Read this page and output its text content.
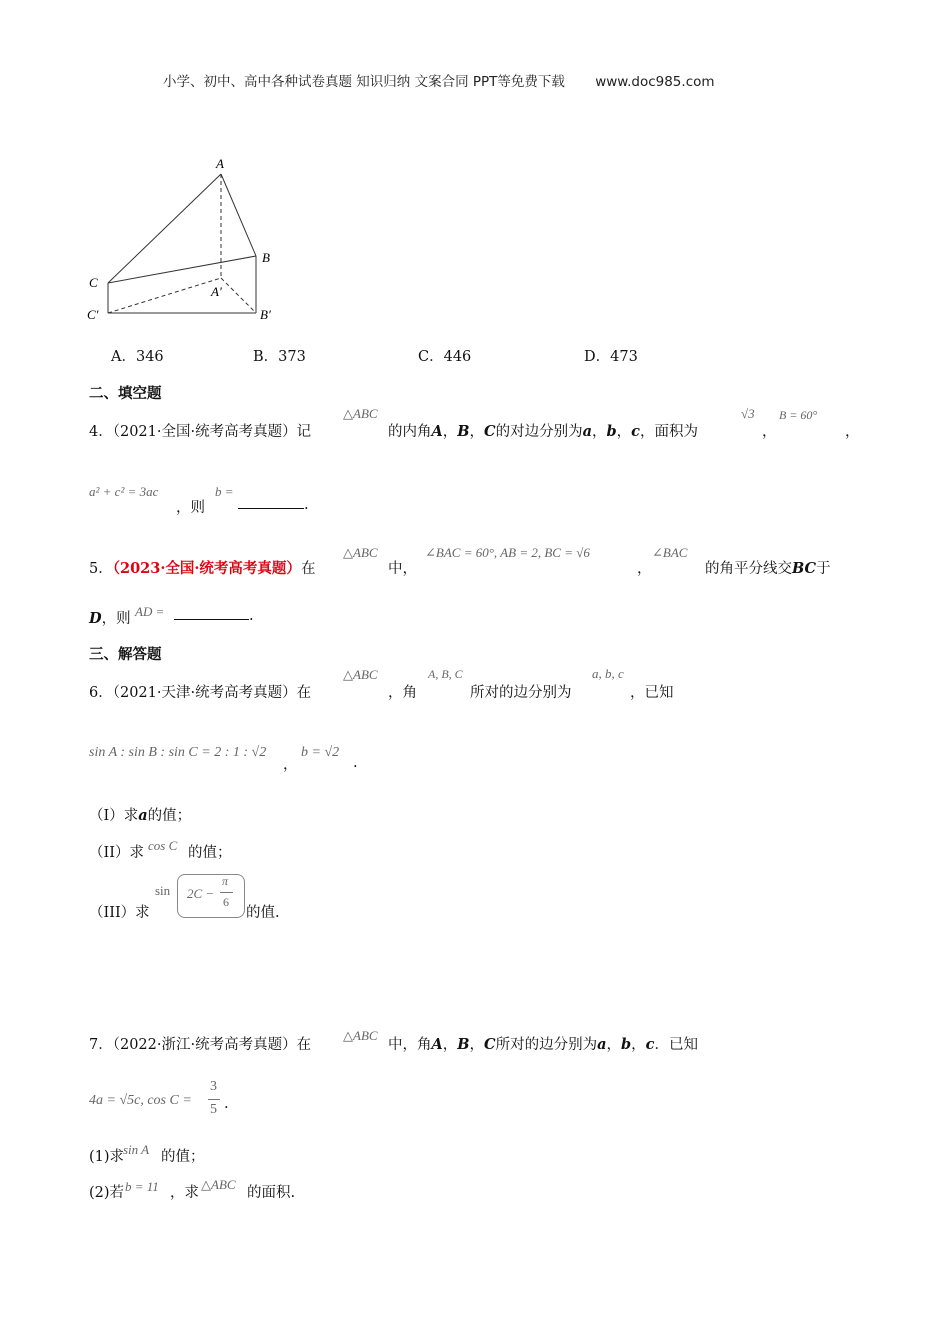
小学、初中、高中各种试卷真题 知识归纳 文案合同 PPT等免费下载 www.doc985.com
A
B
C
A′
B′
C′
A．346	B．373	C．446	D．473
二、填空题
4．（2021·全国·统考高考真题）记
△ABC
的内角A，B，C的对边分别为a，b，c，面积为
√3
，
B = 60°
，
a² + c² = 3ac
，则
b =
.
5．（2023·全国·统考高考真题）在
△ABC
中，
∠BAC = 60°, AB = 2, BC = √6
，
∠BAC
的角平分线交BC于
D，则 AD =	.
三、解答题
6．（2021·天津·统考高考真题）在
△ABC
，角
A, B, C
所对的边分别为
a, b, c
，已知
sin A : sin B : sin C = 2 : 1 : √2
，
b = √2
.
（I）求a的值；
（II）求 cos C 的值；
（III）求
sin 2C −
π
6
的值.
7．（2022·浙江·统考高考真题）在
△ABC
中，角A，B，C所对的边分别为a，b，c．已知
4a = √5c, cos C =
3
5 .
(1)求
sin A 的值；
(2)若 b = 11 ，求
△ABC
的面积.
